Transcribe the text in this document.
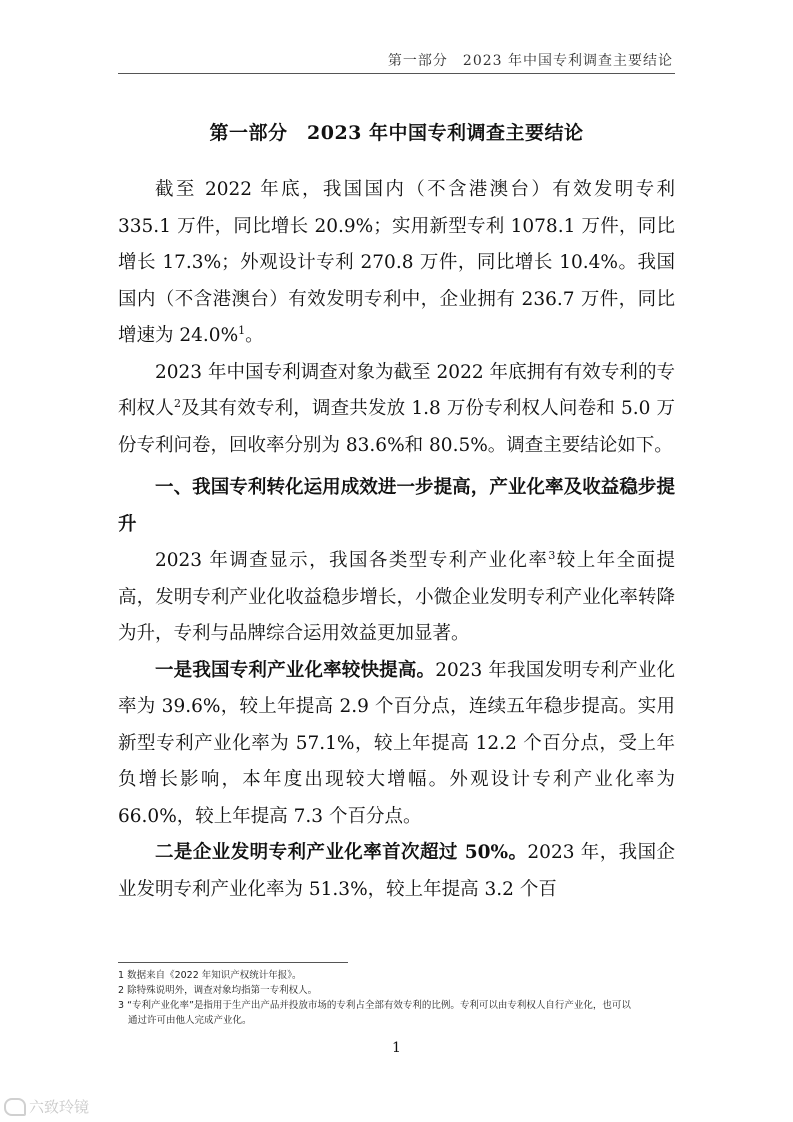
第一部分　2023 年中国专利调查主要结论
第一部分　2023 年中国专利调查主要结论

截至 2022 年底，我国国内（不含港澳台）有效发明专利 335.1 万件，同比增长 20.9%；实用新型专利 1078.1 万件，同比增长 17.3%；外观设计专利 270.8 万件，同比增长 10.4%。我国国内（不含港澳台）有效发明专利中，企业拥有 236.7 万件，同比增速为 24.0%$^1$。

2023 年中国专利调查对象为截至 2022 年底拥有有效专利的专利权人$^2$及其有效专利，调查共发放 1.8 万份专利权人问卷和 5.0 万份专利问卷，回收率分别为 83.6%和 80.5%。调查主要结论如下。

一、我国专利转化运用成效进一步提高，产业化率及收益稳步提升

2023 年调查显示，我国各类型专利产业化率$^3$较上年全面提高，发明专利产业化收益稳步增长，小微企业发明专利产业化率转降为升，专利与品牌综合运用效益更加显著。

一是我国专利产业化率较快提高。2023 年我国发明专利产业化率为 39.6%，较上年提高 2.9 个百分点，连续五年稳步提高。实用新型专利产业化率为 57.1%，较上年提高 12.2 个百分点，受上年负增长影响，本年度出现较大增幅。外观设计专利产业化率为 66.0%，较上年提高 7.3 个百分点。

二是企业发明专利产业化率首次超过 50%。2023 年，我国企业发明专利产业化率为 51.3%，较上年提高 3.2 个百

1 数据来自《2022 年知识产权统计年报》。
2 除特殊说明外，调查对象均指第一专利权人。
3 “专利产业化率”是指用于生产出产品并投放市场的专利占全部有效专利的比例。专利可以由专利权人自行产业化，也可以
通过许可由他人完成产业化。
1
六致玲镜
